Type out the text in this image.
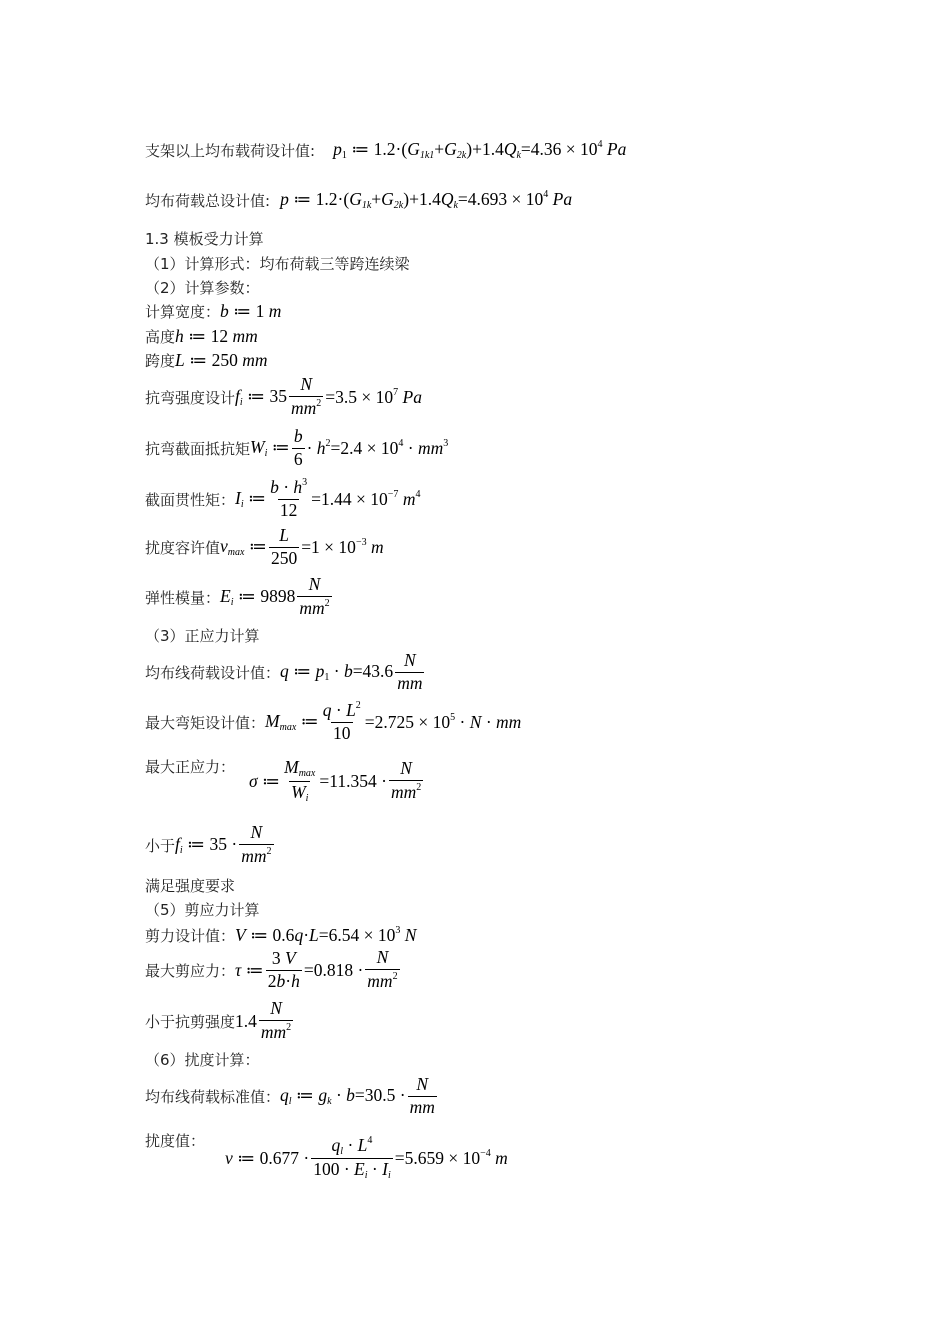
支架以上均布载荷设计值: $p_1$ ≔ $1.2\cdot(G_{1k1}+G_{2k})+1.4Q_k=4.36 \times 10^4$ Pa
均布荷载总设计值: p ≔ $1.2\cdot(G_{1k}+G_{2k})+1.4Q_k=4.693 \times 10^4$ Pa
1.3 模板受力计算
（1）计算形式：均布荷载三等跨连续梁
（2）计算参数：
计算宽度： b ≔ 1 m
高度 h ≔ 12 mm
跨度 L ≔ 250 mm
抗弯强度设计 $f_i$ ≔ $35 \frac{N}{mm^2} =3.5 \times 10^7$ Pa
抗弯截面抵抗矩 $W_i$ ≔ $\frac{b}{6} \cdot h^2=2.4 \times 10^4 \cdot mm^3$
截面贯性矩： $I_i$ ≔ $\frac{b \cdot h^3}{12} =1.44 \times 10^{-7}$ $m^4$
扰度容许值 $v_{max}$ ≔ $\frac{L}{250} =1 \times 10^{-3}$ m
弹性模量： $E_i$ ≔ $9898 \frac{N}{mm^2}$
（3）正应力计算
均布线荷载设计值： q ≔ $p_1 \cdot b=43.6 \frac{N}{mm}$
最大弯矩设计值： $M_{max}$ ≔ $\frac{q \cdot L^2}{10} =2.725 \times 10^5 \cdot N$ · mm
最大正应力：
σ ≔ $\frac{M_{max}}{W_i} =11.354 \cdot \frac{N}{mm^2}$
小于 $f_i$ ≔ $35 \cdot \frac{N}{mm^2}$
满足强度要求
（5）剪应力计算
剪力设计值： V ≔ $0.6q\cdot L=6.54 \times 10^3$ N
最大剪应力： τ ≔ $\frac{3 V}{2b\cdot h} =0.818 \cdot \frac{N}{mm^2}$
小于抗剪强度 $1.4 \frac{N}{mm^2}$
（6）扰度计算：
均布线荷载标准值： $q_l$ ≔ $g_k \cdot b=30.5 \cdot \frac{N}{mm}$
扰度值：
v ≔ $0.677 \cdot \frac{q_l \cdot L^4}{100 \cdot E_i \cdot I_i} =5.659 \times 10^{-4}$ m
